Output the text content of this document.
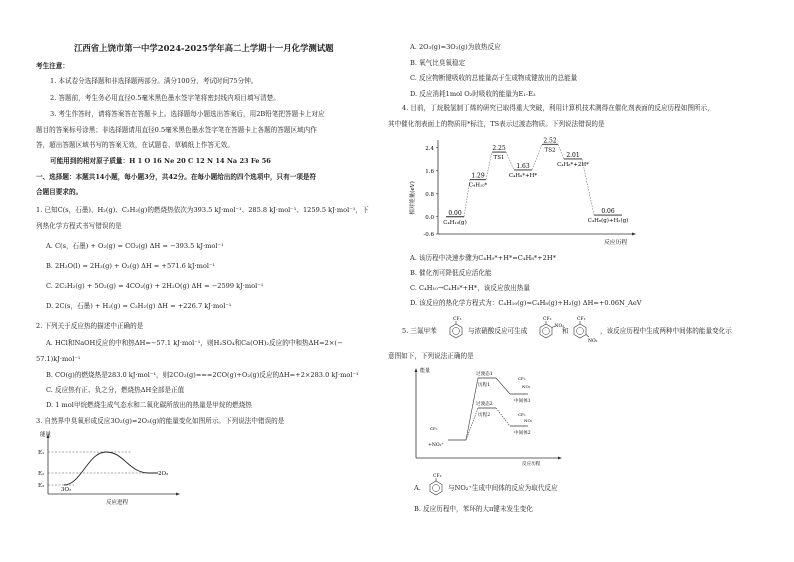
江西省上饶市第一中学2024-2025学年高二上学期十一月化学测试题
考生注意：
1. 本试卷分选择题和非选择题两部分。满分100分，考试时间75分钟。
2. 答题前，考生务必用直径0.5毫米黑色墨水签字笔将密封线内项目填写清楚。
3. 考生作答时，请将答案答在答题卡上。选择题每小题选出答案后，用2B铅笔把答题卡上对应
题目的答案标号涂黑；非选择题请用直径0.5毫米黑色墨水签字笔在答题卡上各题的答题区域内作
答，超出答题区域书写的答案无效，在试题卷、草稿纸上作答无效。
可能用到的相对原子质量：H 1 O 16 Ne 20 C 12 N 14 Na 23 Fe 56
一、选择题：本题共14小题，每小题3分，共42分。在每小题给出的四个选项中，只有一项是符
合题目要求的。
1. 已知C(s，石墨)、H₂(g)、C₂H₂(g)的燃烧热依次为393.5 kJ·mol⁻¹、285.8 kJ·mol⁻¹、1259.5 kJ·mol⁻¹，下
列热化学方程式书写错误的是
A. C(s，石墨) + O₂(g) = CO₂(g) ΔH = −393.5 kJ·mol⁻¹
B. 2H₂O(l) = 2H₂(g) + O₂(g) ΔH = +571.6 kJ·mol⁻¹
C. 2C₂H₂(g) + 5O₂(g) = 4CO₂(g) + 2H₂O(g) ΔH = −2599 kJ·mol⁻¹
D. 2C(s，石墨) + H₂(g) = C₂H₂(g) ΔH = +226.7 kJ·mol⁻¹
2. 下列关于反应热的描述中正确的是
A. HCl和NaOH反应的中和热ΔH=−57.1 kJ·mol⁻¹，则H₂SO₄和Ca(OH)₂反应的中和热ΔH=2×(−
57.1)kJ·mol⁻¹
B. CO(g)的燃烧热是283.0 kJ·mol⁻¹，则2CO₂(g)===2CO(g)+O₂(g)反应的ΔH=+2×283.0 kJ·mol⁻¹
C. 反应热有正、负之分，燃烧热ΔH全部是正值
D. 1 mol甲烷燃烧生成气态水和二氧化碳所放出的热量是甲烷的燃烧热
3. 自然界中臭氧形成反应3O₂(g)=2O₃(g)的能量变化如图所示。下列说法中错误的是
能量
E₁
E₂
E₃
3O₂
2O₃
反应进程
A. 2O₃(g)=3O₂(g)为放热反应
B. 氧气比臭氧稳定
C. 反应物断键吸收的总能量高于生成物成键放出的总能量
D. 反应消耗1mol O₂时吸收的能量为E₁-E₂
4. 目前，丁烷脱氢制丁烯的研究已取得重大突破，利用计算机技术测得在催化剂表面的反应历程如图所示，
其中催化剂表面上的物质用*标注，TS表示过渡态物质。下列说法错误的是
相对能量(eV)
2.4
1.6
0.8
0.0
-0.6
0.00
C₄H₁₀(g)
1.29
C₄H₁₀*
2.25
TS1
1.63
C₄H₉*+H*
2.52
TS2
2.01
C₄H₈*+2H*
0.06
C₄H₈(g)+H₂(g)
反应历程
A. 该历程中决速步骤为C₄H₉*+H*=C₄H₈*+2H*
B. 催化剂可降低反应活化能
C. C₄H₁₀→C₄H₉*+H*，该反应放出热量
D. 该反应的热化学方程式为：C₄H₁₀(g)=C₄H₈(g)+H₂(g) ΔH=+0.06N_AeV
5. 三氟甲苯
CF₃
与浓硝酸反应可生成
CF₃
NO₂
和
CF₃
NO₂
，该反应历程中生成两种中间体的能量变化示
意图如下，下列说法正确的是
能量
过渡态1
历程1
过渡态2
历程2
CF₃
NO₂
中间体1
CF₃
NO₂
中间体2
CF₃
+NO₂⁺
反应历程
A.
CF₃
与NO₂⁺生成中间体的反应为取代反应
B. 反应历程中，苯环的大π键未发生变化
